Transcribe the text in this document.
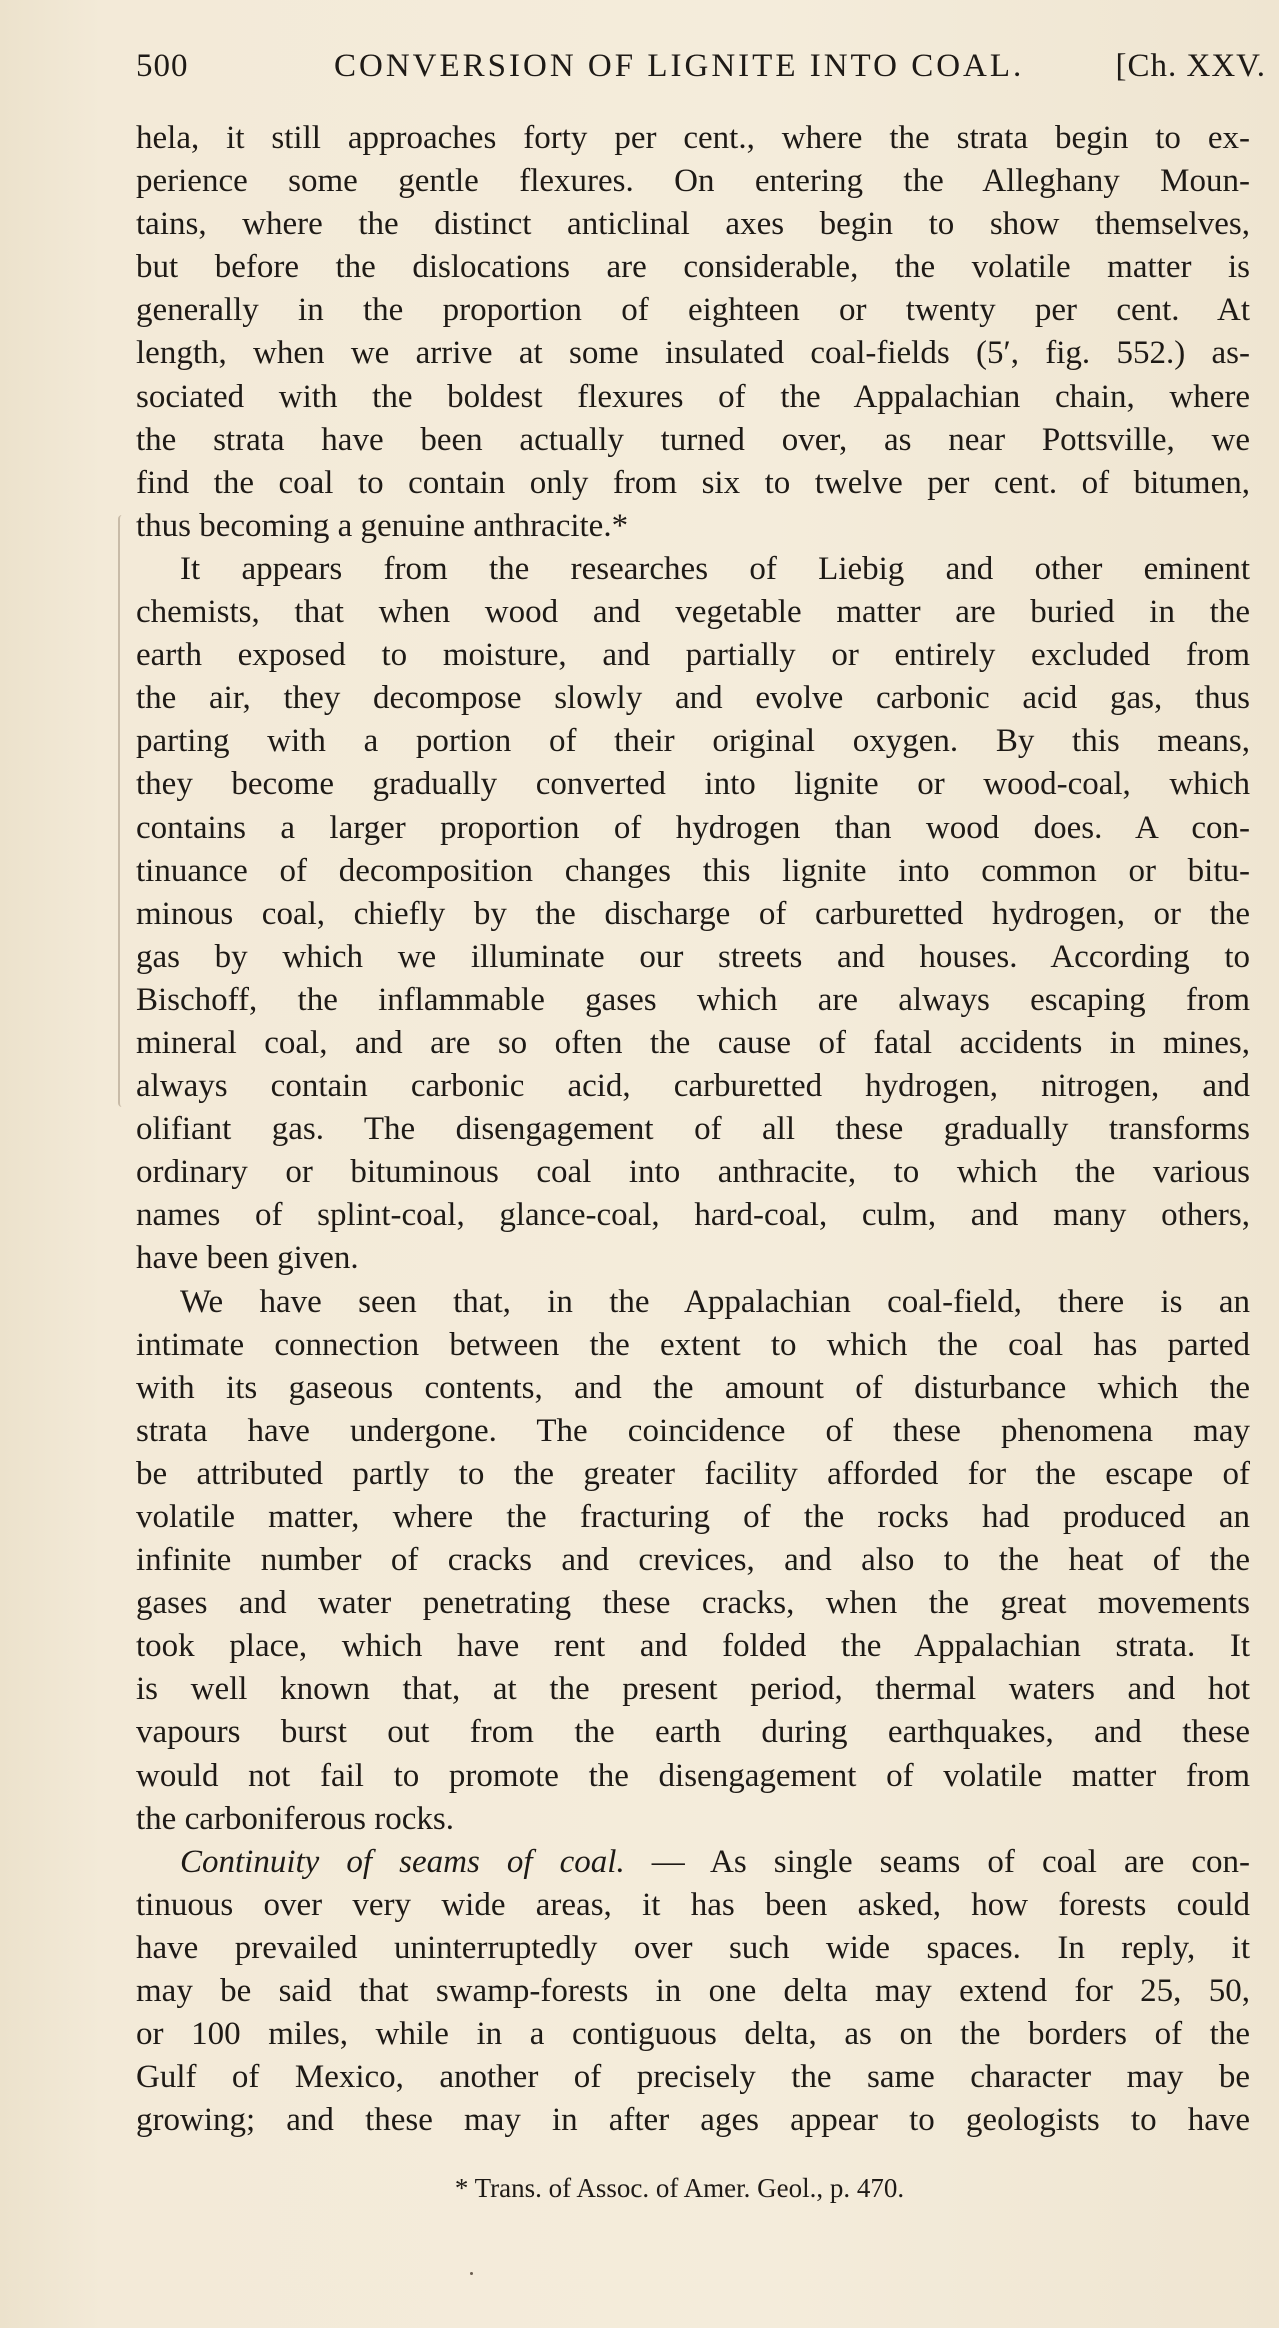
500	CONVERSION OF LIGNITE INTO COAL.	[Ch. XXV.
hela, it still approaches forty per cent., where the strata begin to ex-
perience some gentle flexures. On entering the Alleghany Moun-
tains, where the distinct anticlinal axes begin to show themselves,
but before the dislocations are considerable, the volatile matter is
generally in the proportion of eighteen or twenty per cent. At
length, when we arrive at some insulated coal-fields (5′, fig. 552.) as-
sociated with the boldest flexures of the Appalachian chain, where
the strata have been actually turned over, as near Pottsville, we
find the coal to contain only from six to twelve per cent. of bitumen,
thus becoming a genuine anthracite.*
It appears from the researches of Liebig and other eminent
chemists, that when wood and vegetable matter are buried in the
earth exposed to moisture, and partially or entirely excluded from
the air, they decompose slowly and evolve carbonic acid gas, thus
parting with a portion of their original oxygen. By this means,
they become gradually converted into lignite or wood-coal, which
contains a larger proportion of hydrogen than wood does. A con-
tinuance of decomposition changes this lignite into common or bitu-
minous coal, chiefly by the discharge of carburetted hydrogen, or the
gas by which we illuminate our streets and houses. According to
Bischoff, the inflammable gases which are always escaping from
mineral coal, and are so often the cause of fatal accidents in mines,
always contain carbonic acid, carburetted hydrogen, nitrogen, and
olifiant gas. The disengagement of all these gradually transforms
ordinary or bituminous coal into anthracite, to which the various
names of splint-coal, glance-coal, hard-coal, culm, and many others,
have been given.
We have seen that, in the Appalachian coal-field, there is an
intimate connection between the extent to which the coal has parted
with its gaseous contents, and the amount of disturbance which the
strata have undergone. The coincidence of these phenomena may
be attributed partly to the greater facility afforded for the escape of
volatile matter, where the fracturing of the rocks had produced an
infinite number of cracks and crevices, and also to the heat of the
gases and water penetrating these cracks, when the great movements
took place, which have rent and folded the Appalachian strata. It
is well known that, at the present period, thermal waters and hot
vapours burst out from the earth during earthquakes, and these
would not fail to promote the disengagement of volatile matter from
the carboniferous rocks.
Continuity of seams of coal. — As single seams of coal are con-
tinuous over very wide areas, it has been asked, how forests could
have prevailed uninterruptedly over such wide spaces. In reply, it
may be said that swamp-forests in one delta may extend for 25, 50,
or 100 miles, while in a contiguous delta, as on the borders of the
Gulf of Mexico, another of precisely the same character may be
growing; and these may in after ages appear to geologists to have
* Trans. of Assoc. of Amer. Geol., p. 470.
